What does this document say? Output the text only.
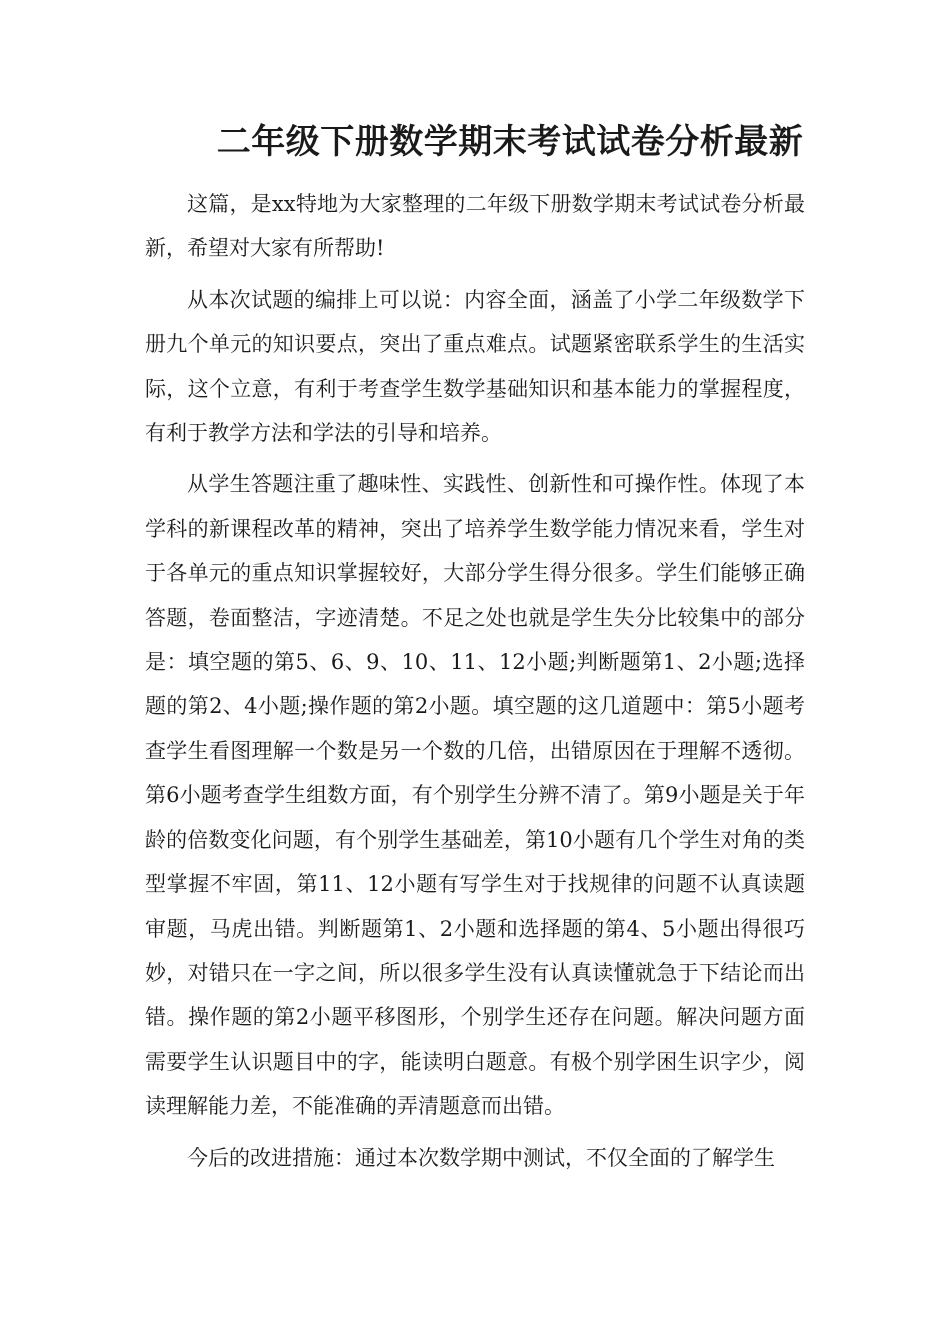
二年级下册数学期末考试试卷分析最新

这篇，是xx特地为大家整理的二年级下册数学期末考试试卷分析最新，希望对大家有所帮助!

从本次试题的编排上可以说：内容全面，涵盖了小学二年级数学下册九个单元的知识要点，突出了重点难点。试题紧密联系学生的生活实际，这个立意，有利于考查学生数学基础知识和基本能力的掌握程度，有利于教学方法和学法的引导和培养。

从学生答题注重了趣味性、实践性、创新性和可操作性。体现了本学科的新课程改革的精神，突出了培养学生数学能力情况来看，学生对于各单元的重点知识掌握较好，大部分学生得分很多。学生们能够正确答题，卷面整洁，字迹清楚。不足之处也就是学生失分比较集中的部分是：填空题的第5、6、9、10、11、12小题;判断题第1、2小题;选择题的第2、4小题;操作题的第2小题。填空题的这几道题中：第5小题考查学生看图理解一个数是另一个数的几倍，出错原因在于理解不透彻。第6小题考查学生组数方面，有个别学生分辨不清了。第9小题是关于年龄的倍数变化问题，有个别学生基础差，第10小题有几个学生对角的类型掌握不牢固，第11、12小题有写学生对于找规律的问题不认真读题审题，马虎出错。判断题第1、2小题和选择题的第4、5小题出得很巧妙，对错只在一字之间，所以很多学生没有认真读懂就急于下结论而出错。操作题的第2小题平移图形，个别学生还存在问题。解决问题方面需要学生认识题目中的字，能读明白题意。有极个别学困生识字少，阅读理解能力差，不能准确的弄清题意而出错。

今后的改进措施：通过本次数学期中测试，不仅全面的了解学生
